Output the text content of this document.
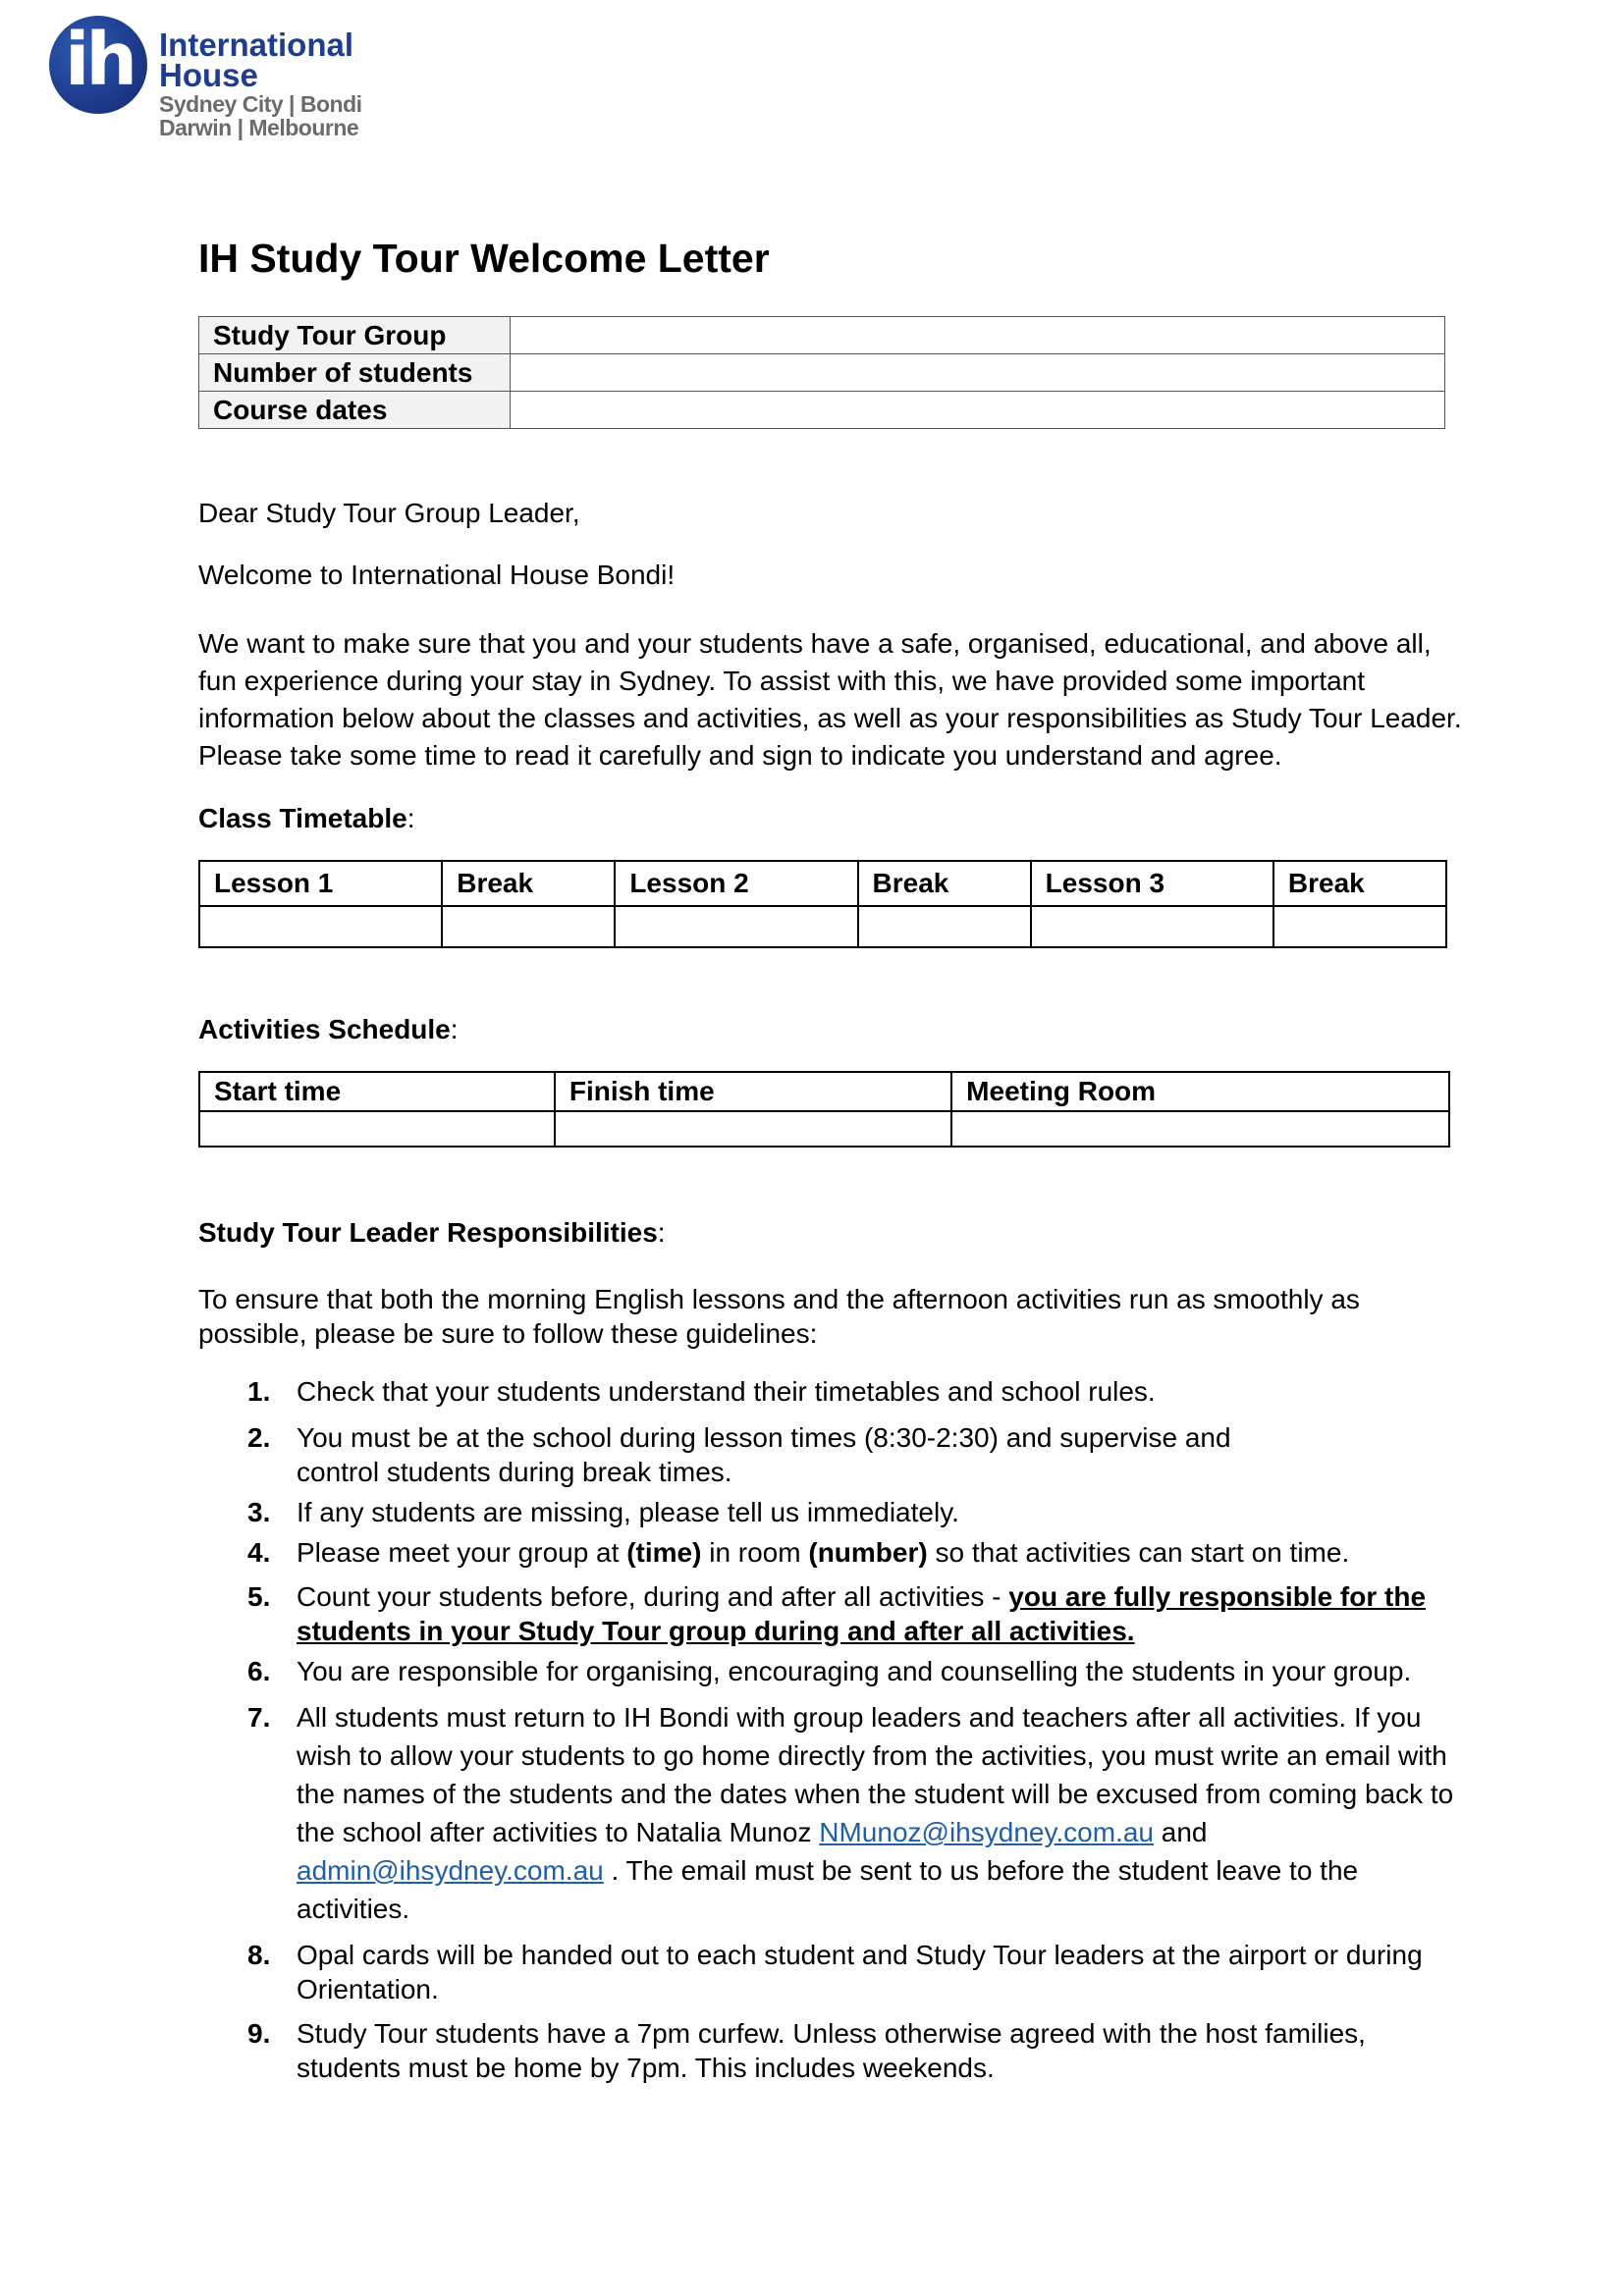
ih International
House
Sydney City | Bondi
Darwin | Melbourne
IH Study Tour Welcome Letter
Study Tour Group	
Number of students	
Course dates	

Dear Study Tour Group Leader,

Welcome to International House Bondi!

We want to make sure that you and your students have a safe, organised, educational, and above all, fun experience during your stay in Sydney. To assist with this, we have provided some important information below about the classes and activities, as well as your responsibilities as Study Tour Leader. Please take some time to read it carefully and sign to indicate you understand and agree.

Class Timetable:

Lesson 1	Break	Lesson 2	Break	Lesson 3	Break

Activities Schedule:

Start time	Finish time	Meeting Room

Study Tour Leader Responsibilities:

To ensure that both the morning English lessons and the afternoon activities run as smoothly as possible, please be sure to follow these guidelines:

1. Check that your students understand their timetables and school rules.
2. You must be at the school during lesson times (8:30-2:30) and supervise and control students during break times.
3. If any students are missing, please tell us immediately.
4. Please meet your group at (time) in room (number) so that activities can start on time.
5. Count your students before, during and after all activities - you are fully responsible for the students in your Study Tour group during and after all activities.
6. You are responsible for organising, encouraging and counselling the students in your group.
7. All students must return to IH Bondi with group leaders and teachers after all activities. If you wish to allow your students to go home directly from the activities, you must write an email with the names of the students and the dates when the student will be excused from coming back to the school after activities to Natalia Munoz NMunoz@ihsydney.com.au and admin@ihsydney.com.au . The email must be sent to us before the student leave to the activities.
8. Opal cards will be handed out to each student and Study Tour leaders at the airport or during Orientation.
9. Study Tour students have a 7pm curfew. Unless otherwise agreed with the host families, students must be home by 7pm. This includes weekends.
